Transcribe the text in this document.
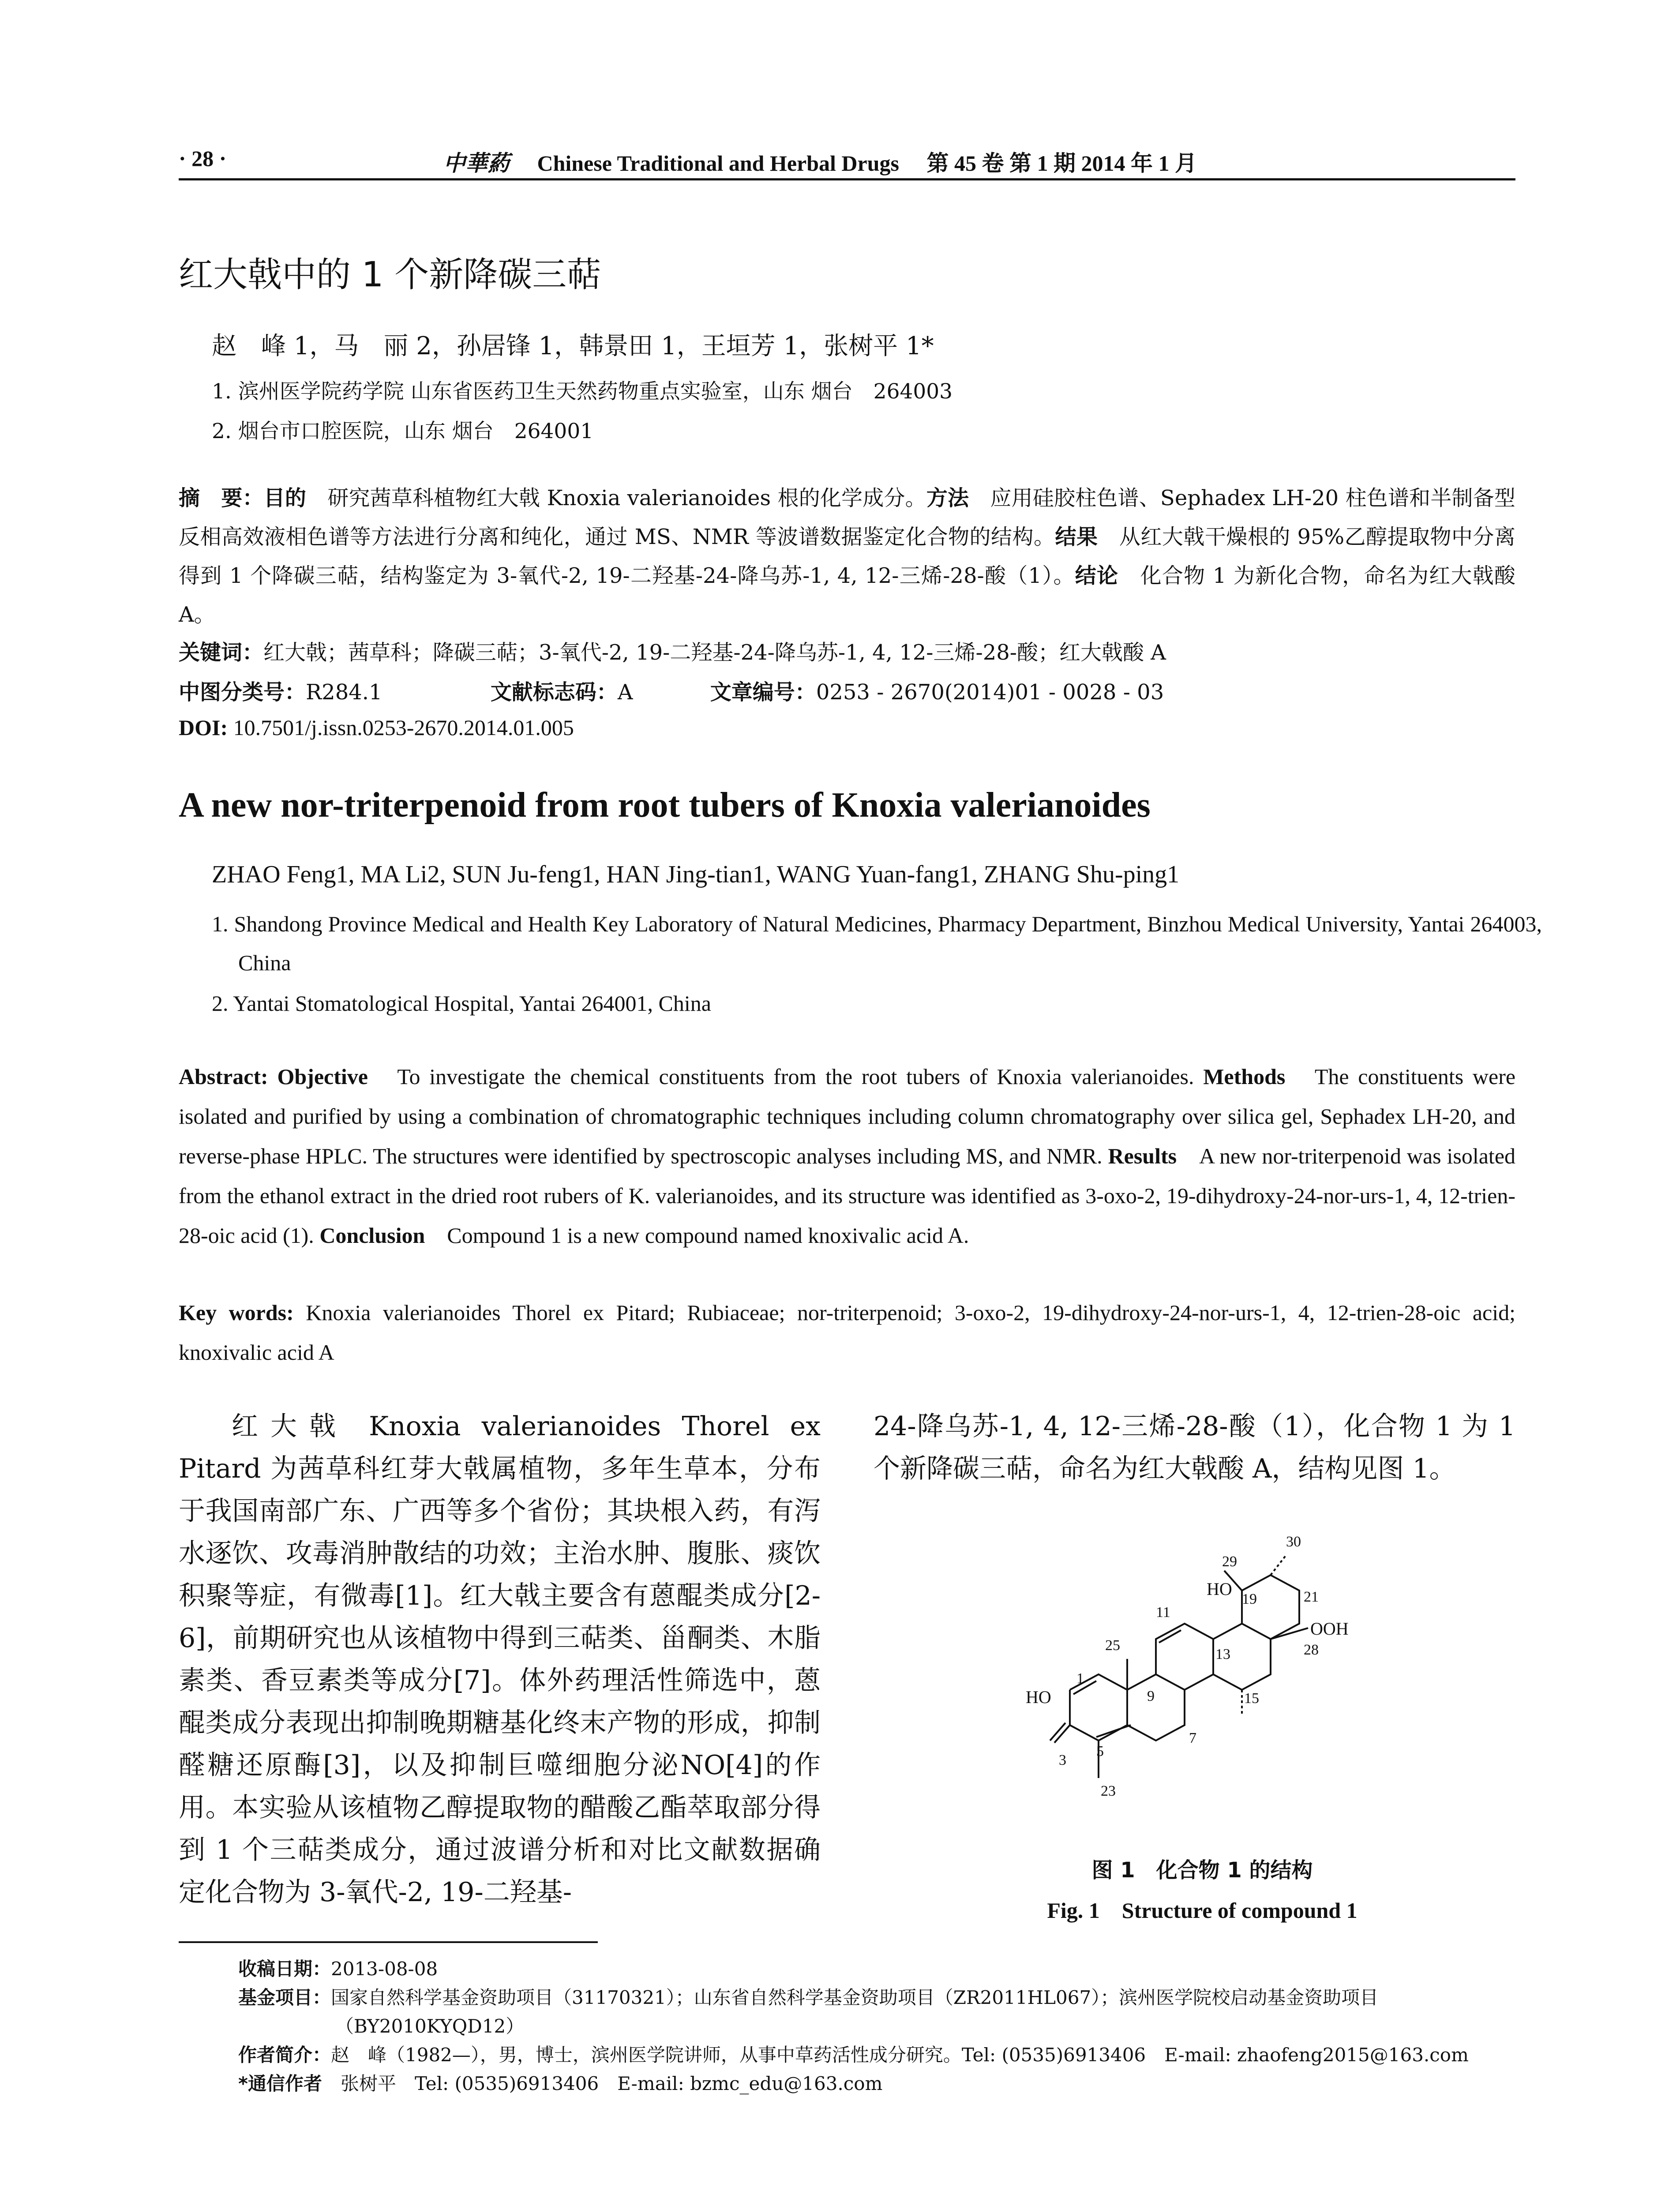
· 28 ·	中華葯 Chinese Traditional and Herbal Drugs 第 45 卷 第 1 期 2014 年 1 月
红大戟中的 1 个新降碳三萜
赵　峰 1，马　丽 2，孙居锋 1，韩景田 1，王垣芳 1，张树平 1*
1. 滨州医学院药学院 山东省医药卫生天然药物重点实验室，山东 烟台　264003
2. 烟台市口腔医院，山东 烟台　264001
摘　要：目的　 研究茜草科植物红大戟 Knoxia valerianoides 根的化学成分。方法　 应用硅胶柱色谱、Sephadex LH-20 柱色谱和半制备型反相高效液相色谱等方法进行分离和纯化，通过 MS、NMR 等波谱数据鉴定化合物的结构。结果　 从红大戟干燥根的 95%乙醇提取物中分离得到 1 个降碳三萜，结构鉴定为 3-氧代-2, 19-二羟基-24-降乌苏-1, 4, 12-三烯-28-酸（1）。结论　 化合物 1 为新化合物，命名为红大戟酸 A。
关键词：红大戟；茜草科；降碳三萜；3-氧代-2, 19-二羟基-24-降乌苏-1, 4, 12-三烯-28-酸；红大戟酸 A
中图分类号：R284.1	文献标志码：A	文章编号：0253 - 2670(2014)01 - 0028 - 03
DOI: 10.7501/j.issn.0253-2670.2014.01.005
A new nor-triterpenoid from root tubers of Knoxia valerianoides
ZHAO Feng1, MA Li2, SUN Ju-feng1, HAN Jing-tian1, WANG Yuan-fang1, ZHANG Shu-ping1
1. Shandong Province Medical and Health Key Laboratory of Natural Medicines, Pharmacy Department, Binzhou Medical University, Yantai 264003, China
2. Yantai Stomatological Hospital, Yantai 264001, China
Abstract: Objective　 To investigate the chemical constituents from the root tubers of Knoxia valerianoides. Methods　 The constituents were isolated and purified by using a combination of chromatographic techniques including column chromatography over silica gel, Sephadex LH-20, and reverse-phase HPLC. The structures were identified by spectroscopic analyses including MS, and NMR. Results　 A new nor-triterpenoid was isolated from the ethanol extract in the dried root rubers of K. valerianoides, and its structure was identified as 3-oxo-2, 19-dihydroxy-24-nor-urs-1, 4, 12-trien-28-oic acid (1). Conclusion　 Compound 1 is a new compound named knoxivalic acid A.
Key words: Knoxia valerianoides Thorel ex Pitard; Rubiaceae; nor-triterpenoid; 3-oxo-2, 19-dihydroxy-24-nor-urs-1, 4, 12-trien-28-oic acid; knoxivalic acid A

红大戟 Knoxia valerianoides Thorel ex Pitard 为茜草科红芽大戟属植物，多年生草本，分布于我国南部广东、广西等多个省份；其块根入药，有泻水逐饮、攻毒消肿散结的功效；主治水肿、腹胀、痰饮积聚等症，有微毒[1]。红大戟主要含有蒽醌类成分[2-6]，前期研究也从该植物中得到三萜类、甾酮类、木脂素类、香豆素类等成分[7]。体外药理活性筛选中，蒽醌类成分表现出抑制晚期糖基化终末产物的形成，抑制醛糖还原酶[3]，以及抑制巨噬细胞分泌NO[4]的作用。本实验从该植物乙醇提取物的醋酸乙酯萃取部分得到 1 个三萜类成分，通过波谱分析和对比文献数据确定化合物为 3-氧代-2, 19-二羟基-

24-降乌苏-1, 4, 12-三烯-28-酸（1），化合物 1 为 1 个新降碳三萜，命名为红大戟酸 A，结构见图 1。

29
30
HO
19	21
11
25
13
OOH
28
1
HO	9	15
7
3
5
23
图 1　化合物 1 的结构
Fig. 1　Structure of compound 1
收稿日期：2013-08-08
基金项目：国家自然科学基金资助项目（31170321）；山东省自然科学基金资助项目（ZR2011HL067）；滨州医学院校启动基金资助项目
（BY2010KYQD12）
作者简介：赵　峰（1982—），男，博士，滨州医学院讲师，从事中草药活性成分研究。Tel: (0535)6913406　E-mail: zhaofeng2015@163.com
*通信作者　 张树平　Tel: (0535)6913406　E-mail: bzmc_edu@163.com
